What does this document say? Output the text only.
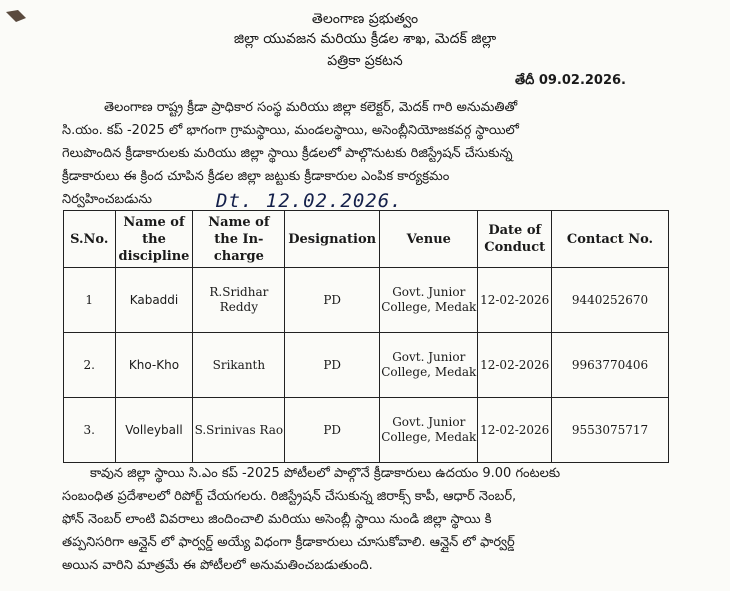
తెలంగాణ ప్రభుత్వం
జిల్లా యువజన మరియు క్రీడల శాఖ, మెదక్ జిల్లా
పత్రికా ప్రకటన
తేదీ 09.02.2026.
తెలంగాణ రాష్ట్ర క్రీడా ప్రాధికార సంస్థ మరియు జిల్లా కలెక్టర్, మెదక్ గారి అనుమతితో
సి.యం. కప్ -2025 లో భాగంగా గ్రామస్థాయి, మండలస్థాయి, అసెంబ్లీనియోజకవర్గ స్థాయిలో
గెలుపొందిన క్రీడాకారులకు మరియు జిల్లా స్థాయి క్రీడలలో పాల్గొనుటకు రిజిస్ట్రేషన్ చేసుకున్న
క్రీడాకారులు ఈ క్రింద చూపిన క్రీడల జిల్లా జట్టుకు క్రీడాకారుల ఎంపిక కార్యక్రమం
నిర్వహించబడును	Dt. 12.02.2026.
S.No.	Name of the discipline	Name of the In-charge	Designation	Venue	Date of Conduct	Contact No.
1	Kabaddi	R.Sridhar Reddy	PD	Govt. Junior College, Medak	12-02-2026	9440252670
2.	Kho-Kho	Srikanth	PD	Govt. Junior College, Medak	12-02-2026	9963770406
3.	Volleyball	S.Srinivas Rao	PD	Govt. Junior College, Medak	12-02-2026	9553075717
కావున జిల్లా స్థాయి సి.ఎం కప్ -2025 పోటీలలో పాల్గొనే క్రీడాకారులు ఉదయం 9.00 గంటలకు
సంబంధిత ప్రదేశాలలో రిపోర్ట్ చేయగలరు. రిజిస్ట్రేషన్ చేసుకున్న జిరాక్స్ కాపీ, ఆధార్ నెంబర్,
ఫోన్ నెంబర్ లాంటి వివరాలు జిందించాలి మరియు అసెంబ్లీ స్థాయి నుండి జిల్లా స్థాయి కి
తప్పనిసరిగా ఆన్లైన్ లో ఫార్వర్డ్ అయ్యే విధంగా క్రీడాకారులు చూసుకోవాలి. ఆన్లైన్ లో ఫార్వర్డ్
అయిన వారిని మాత్రమే ఈ పోటీలలో అనుమతించబడుతుంది.
